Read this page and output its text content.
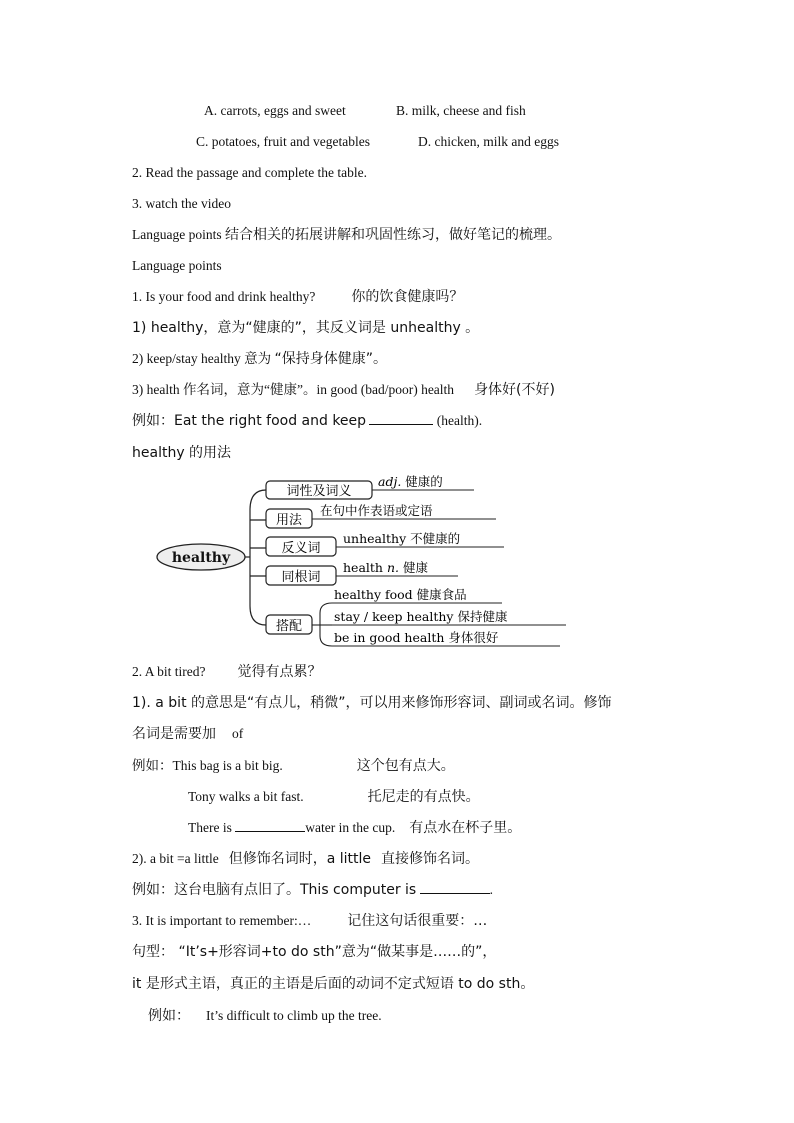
A. carrots, eggs and sweet	B. milk, cheese and fish
C. potatoes, fruit and vegetables	D. chicken, milk and eggs
2. Read the passage and complete the table.
3. watch the video
Language points 结合相关的拓展讲解和巩固性练习，做好笔记的梳理。
Language points
1. Is your food and drink healthy?	你的饮食健康吗？
1) healthy，意为“健康的”，其反义词是 unhealthy 。
2) keep/stay healthy 意为 “保持身体健康”。
3) health 作名词，意为“健康”。in good (bad/poor) health 身体好(不好)
例如：Eat the right food and keep	(health).
healthy 的用法
healthy
词性及词义
adj. 健康的
用法
在句中作表语或定语
反义词
unhealthy 不健康的
同根词
health n. 健康
搭配
healthy food 健康食品
stay / keep healthy 保持健康
be in good health 身体很好
2. A bit tired? 觉得有点累？
1). a bit 的意思是“有点儿，稍微”，可以用来修饰形容词、副词或名词。修饰
名词是需要加 of
例如：This bag is a bit big.	这个包有点大。
Tony walks a bit fast.	托尼走的有点快。
There is	water in the cup. 有点水在杯子里。
2). a bit =a little 但修饰名词时，a little 直接修饰名词。
例如：这台电脑有点旧了。This computer is	.
3. It is important to remember:…	记住这句话很重要：…
句型： “It’s+形容词+to do sth”意为“做某事是……的”，
it 是形式主语，真正的主语是后面的动词不定式短语 to do sth。
例如： It’s difficult to climb up the tree.
